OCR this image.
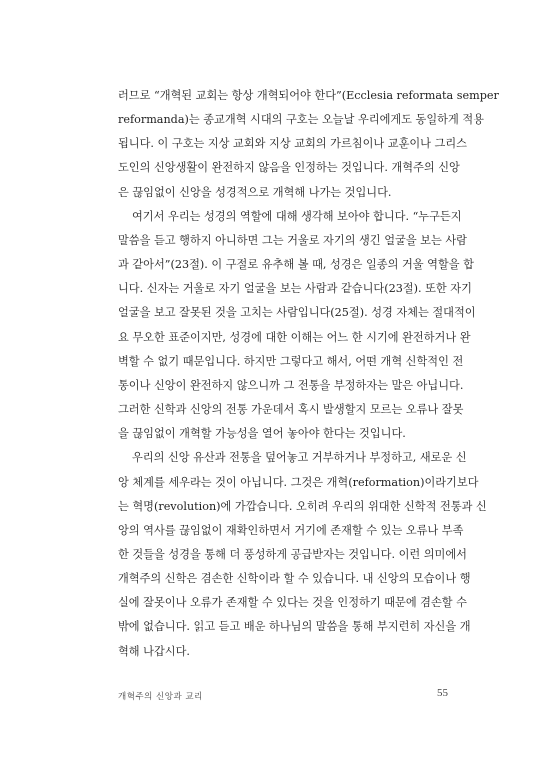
러므로 “개혁된 교회는 항상 개혁되어야 한다”(Ecclesia reformata semper
reformanda)는 종교개혁 시대의 구호는 오늘날 우리에게도 동일하게 적용
됩니다. 이 구호는 지상 교회와 지상 교회의 가르침이나 교훈이나 그리스
도인의 신앙생활이 완전하지 않음을 인정하는 것입니다. 개혁주의 신앙
은 끊임없이 신앙을 성경적으로 개혁해 나가는 것입니다.
여기서 우리는 성경의 역할에 대해 생각해 보아야 합니다. “누구든지
말씀을 듣고 행하지 아니하면 그는 거울로 자기의 생긴 얼굴을 보는 사람
과 같아서”(23절). 이 구절로 유추해 볼 때, 성경은 일종의 거울 역할을 합
니다. 신자는 거울로 자기 얼굴을 보는 사람과 같습니다(23절). 또한 자기
얼굴을 보고 잘못된 것을 고치는 사람입니다(25절). 성경 자체는 절대적이
요 무오한 표준이지만, 성경에 대한 이해는 어느 한 시기에 완전하거나 완
벽할 수 없기 때문입니다. 하지만 그렇다고 해서, 어떤 개혁 신학적인 전
통이나 신앙이 완전하지 않으니까 그 전통을 부정하자는 말은 아닙니다.
그러한 신학과 신앙의 전통 가운데서 혹시 발생할지 모르는 오류나 잘못
을 끊임없이 개혁할 가능성을 열어 놓아야 한다는 것입니다.
우리의 신앙 유산과 전통을 덮어놓고 거부하거나 부정하고, 새로운 신
앙 체계를 세우라는 것이 아닙니다. 그것은 개혁(reformation)이라기보다
는 혁명(revolution)에 가깝습니다. 오히려 우리의 위대한 신학적 전통과 신
앙의 역사를 끊임없이 재확인하면서 거기에 존재할 수 있는 오류나 부족
한 것들을 성경을 통해 더 풍성하게 공급받자는 것입니다. 이런 의미에서
개혁주의 신학은 겸손한 신학이라 할 수 있습니다. 내 신앙의 모습이나 행
실에 잘못이나 오류가 존재할 수 있다는 것을 인정하기 때문에 겸손할 수
밖에 없습니다. 읽고 듣고 배운 하나님의 말씀을 통해 부지런히 자신을 개
혁해 나갑시다.
개혁주의 신앙과 교리	55
